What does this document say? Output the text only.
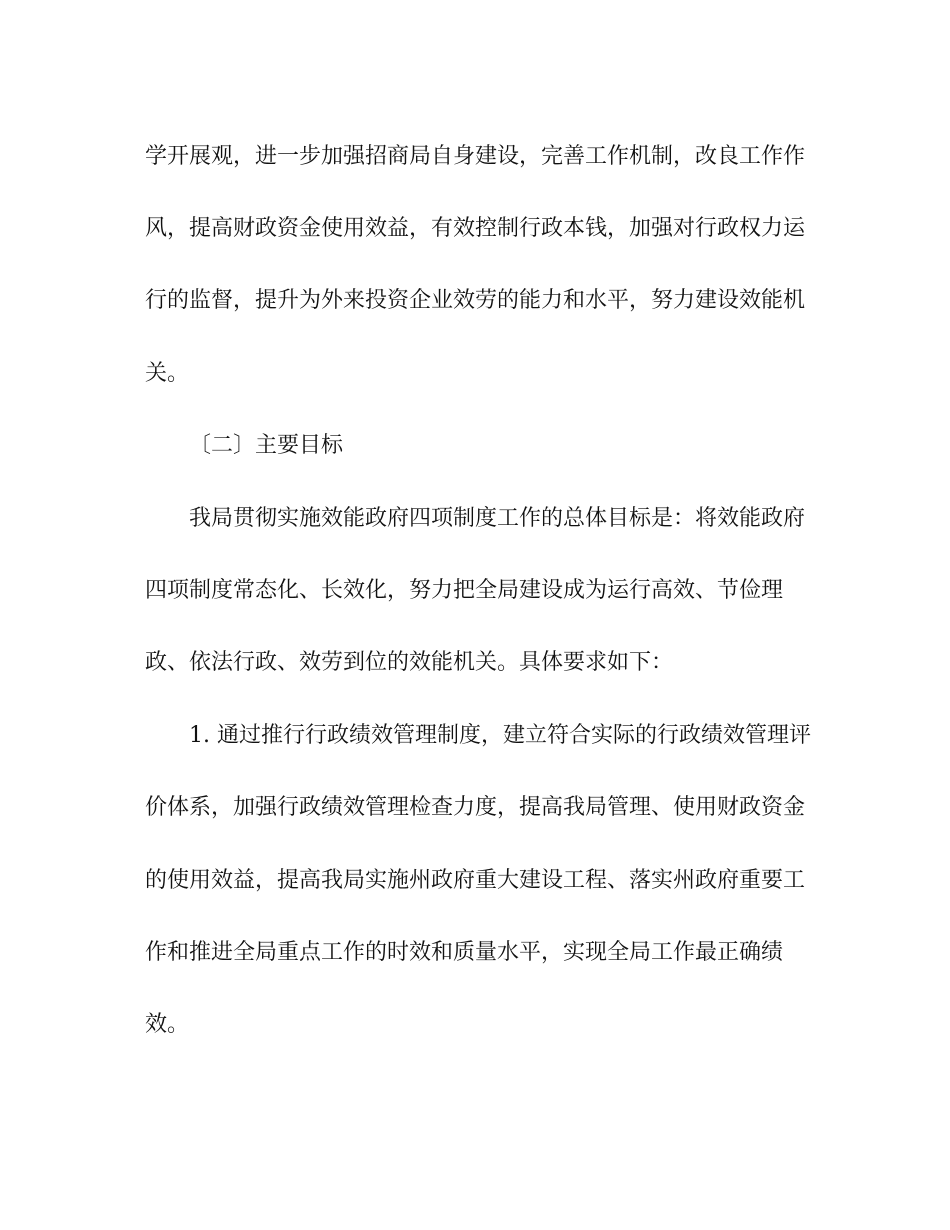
学开展观，进一步加强招商局自身建设，完善工作机制，改良工作作
风，提高财政资金使用效益，有效控制行政本钱，加强对行政权力运
行的监督，提升为外来投资企业效劳的能力和水平，努力建设效能机
关。
〔二〕主要目标
我局贯彻实施效能政府四项制度工作的总体目标是：将效能政府
四项制度常态化、长效化，努力把全局建设成为运行高效、节俭理
政、依法行政、效劳到位的效能机关。具体要求如下：
1. 通过推行行政绩效管理制度，建立符合实际的行政绩效管理评
价体系，加强行政绩效管理检查力度，提高我局管理、使用财政资金
的使用效益，提高我局实施州政府重大建设工程、落实州政府重要工
作和推进全局重点工作的时效和质量水平，实现全局工作最正确绩
效。
